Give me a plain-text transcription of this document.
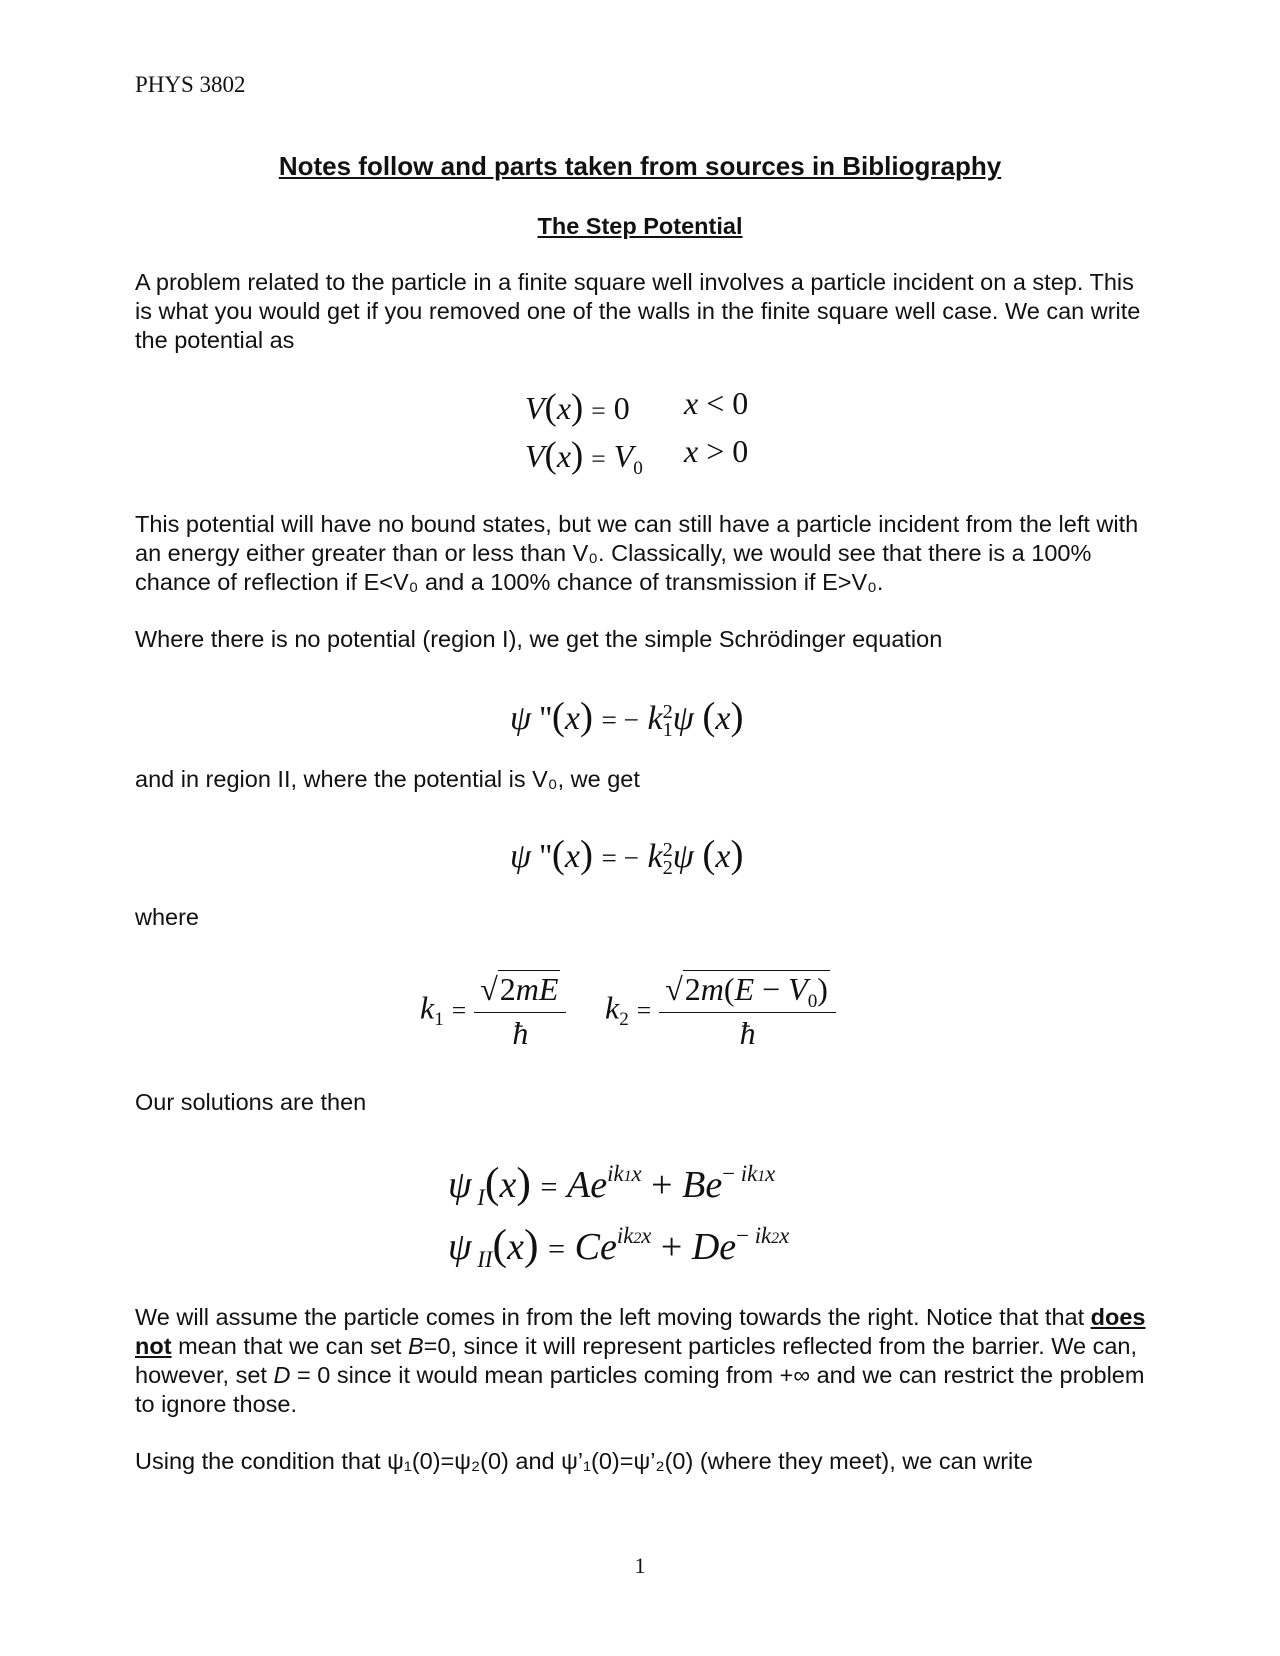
PHYS 3802
Notes follow and parts taken from sources in Bibliography
The Step Potential

A problem related to the particle in a finite square well involves a particle incident on a step. This is what you would get if you removed one of the walls in the finite square well case. We can write the potential as

V(x) = 0 x < 0
$V(x) = V_0$ x > 0

This potential will have no bound states, but we can still have a particle incident from the left with an energy either greater than or less than V₀. Classically, we would see that there is a 100% chance of reflection if E<V₀ and a 100% chance of transmission if E>V₀.

Where there is no potential (region I), we get the simple Schrödinger equation

ψ ''(x) = − k 2
1 ψ (x)

and in region II, where the potential is V₀, we get

ψ ''(x) = − k 2
2 ψ (x)

where

$k_1 = \frac{√2mE}{ħ} k_2 = \frac{√2m(E - V_0)}{ħ}$

Our solutions are then

ψ $_I(x) = Ae^{ik1x} + Be^{- ik1x}$
ψ $_{II}(x) = Ce^{ik2x} + De^{- ik2x}$

We will assume the particle comes in from the left moving towards the right. Notice that that does not mean that we can set B=0, since it will represent particles reflected from the barrier. We can, however, set D = 0 since it would mean particles coming from +∞ and we can restrict the problem to ignore those.

Using the condition that ψ₁(0)=ψ₂(0) and ψ’₁(0)=ψ’₂(0) (where they meet), we can write

1
